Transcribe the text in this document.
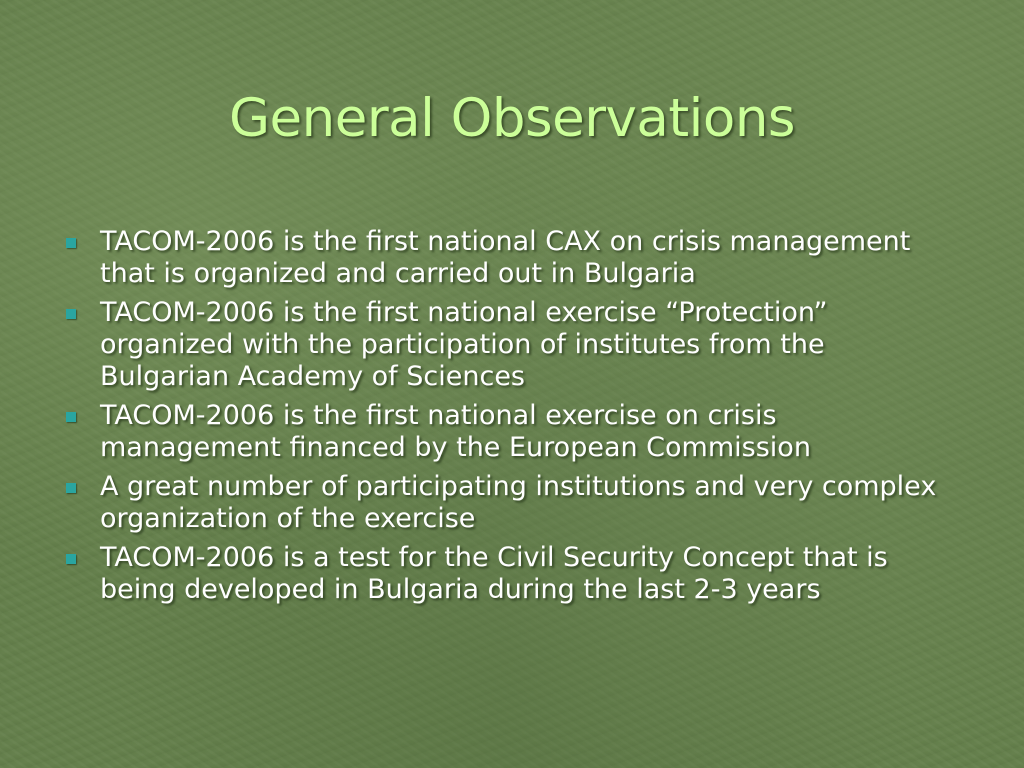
General Observations
TACOM-2006 is the first national CAX on crisis management that is organized and carried out in Bulgaria
TACOM-2006 is the first national exercise “Protection” organized with the participation of institutes from the Bulgarian Academy of Sciences
TACOM-2006 is the first national exercise on crisis management financed by the European Commission
A great number of participating institutions and very complex organization of the exercise
TACOM-2006 is a test for the Civil Security Concept that is being developed in Bulgaria during the last 2-3 years
